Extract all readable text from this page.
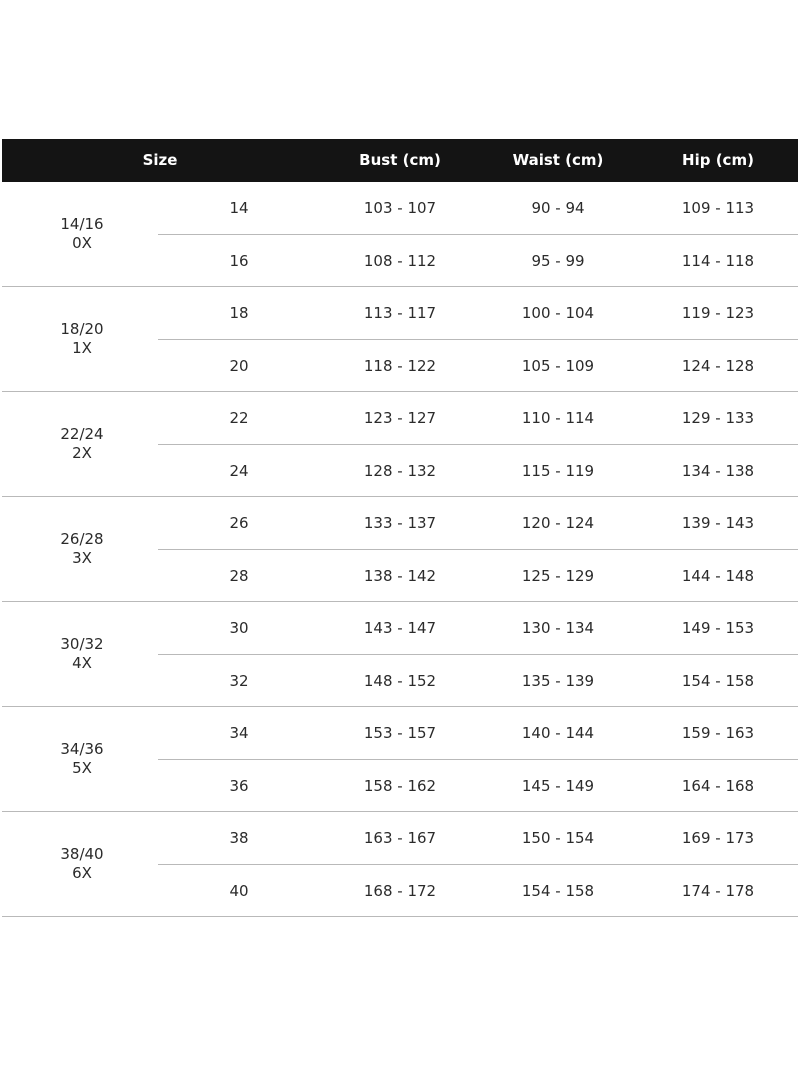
Size	Bust (cm)	Waist (cm)	Hip (cm)
14/16
0X
14	103 - 107	90 - 94	109 - 113
16	108 - 112	95 - 99	114 - 118
18/20
1X
18	113 - 117	100 - 104	119 - 123
20	118 - 122	105 - 109	124 - 128
22/24
2X
22	123 - 127	110 - 114	129 - 133
24	128 - 132	115 - 119	134 - 138
26/28
3X
26	133 - 137	120 - 124	139 - 143
28	138 - 142	125 - 129	144 - 148
30/32
4X
30	143 - 147	130 - 134	149 - 153
32	148 - 152	135 - 139	154 - 158
34/36
5X
34	153 - 157	140 - 144	159 - 163
36	158 - 162	145 - 149	164 - 168
38/40
6X
38	163 - 167	150 - 154	169 - 173
40	168 - 172	154 - 158	174 - 178
